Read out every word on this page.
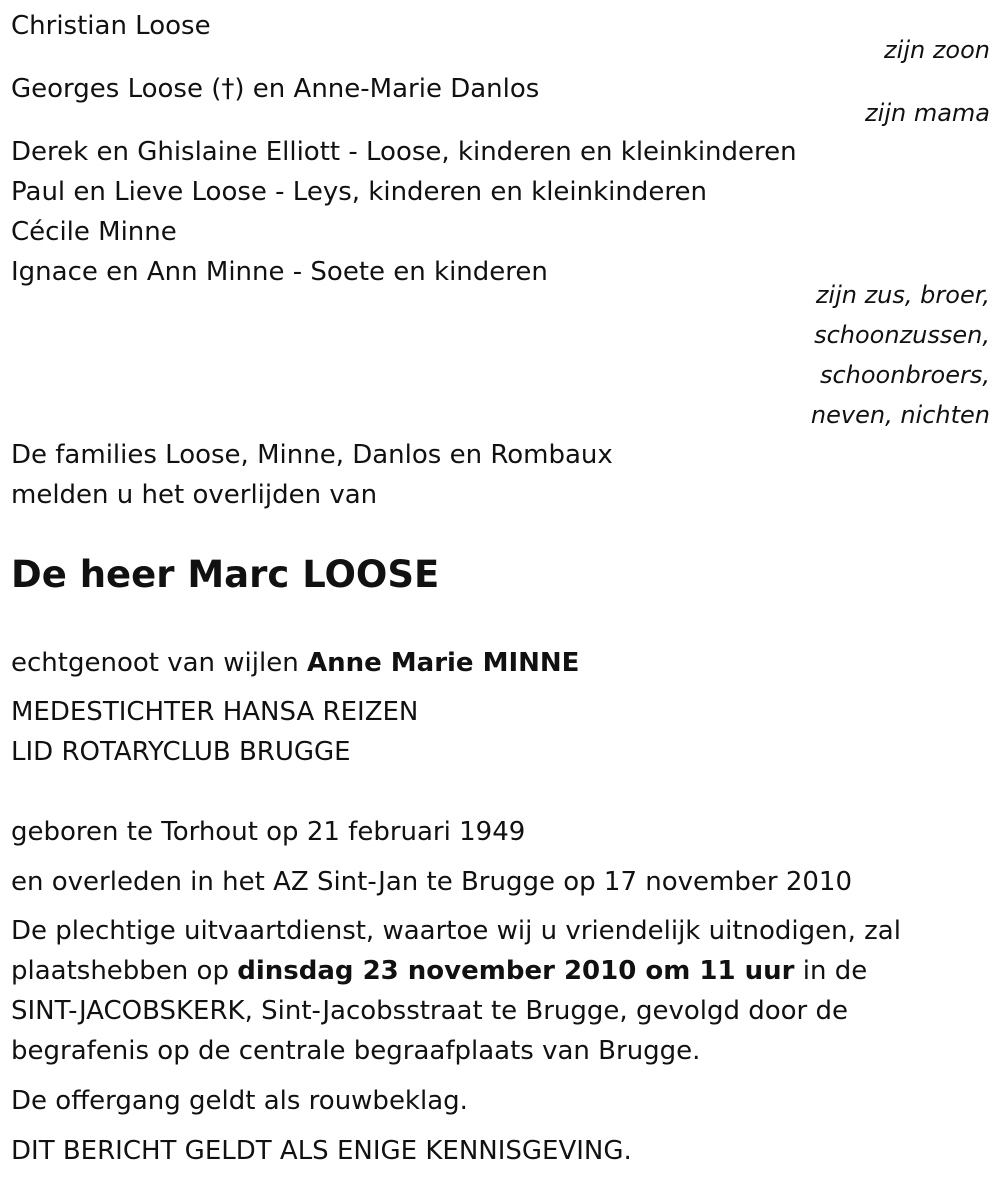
Christian Loose
zijn zoon
Georges Loose (†) en Anne-Marie Danlos
zijn mama
Derek en Ghislaine Elliott - Loose, kinderen en kleinkinderen
Paul en Lieve Loose - Leys, kinderen en kleinkinderen
Cécile Minne
Ignace en Ann Minne - Soete en kinderen
zijn zus, broer,
schoonzussen,
schoonbroers,
neven, nichten
De families Loose, Minne, Danlos en Rombaux
melden u het overlijden van
De heer Marc LOOSE
echtgenoot van wijlen Anne Marie MINNE
MEDESTICHTER HANSA REIZEN
LID ROTARYCLUB BRUGGE
geboren te Torhout op 21 februari 1949
en overleden in het AZ Sint-Jan te Brugge op 17 november 2010
De plechtige uitvaartdienst, waartoe wij u vriendelijk uitnodigen, zal
plaatshebben op dinsdag 23 november 2010 om 11 uur in de
SINT-JACOBSKERK, Sint-Jacobsstraat te Brugge, gevolgd door de
begrafenis op de centrale begraafplaats van Brugge.
De offergang geldt als rouwbeklag.
DIT BERICHT GELDT ALS ENIGE KENNISGEVING.
